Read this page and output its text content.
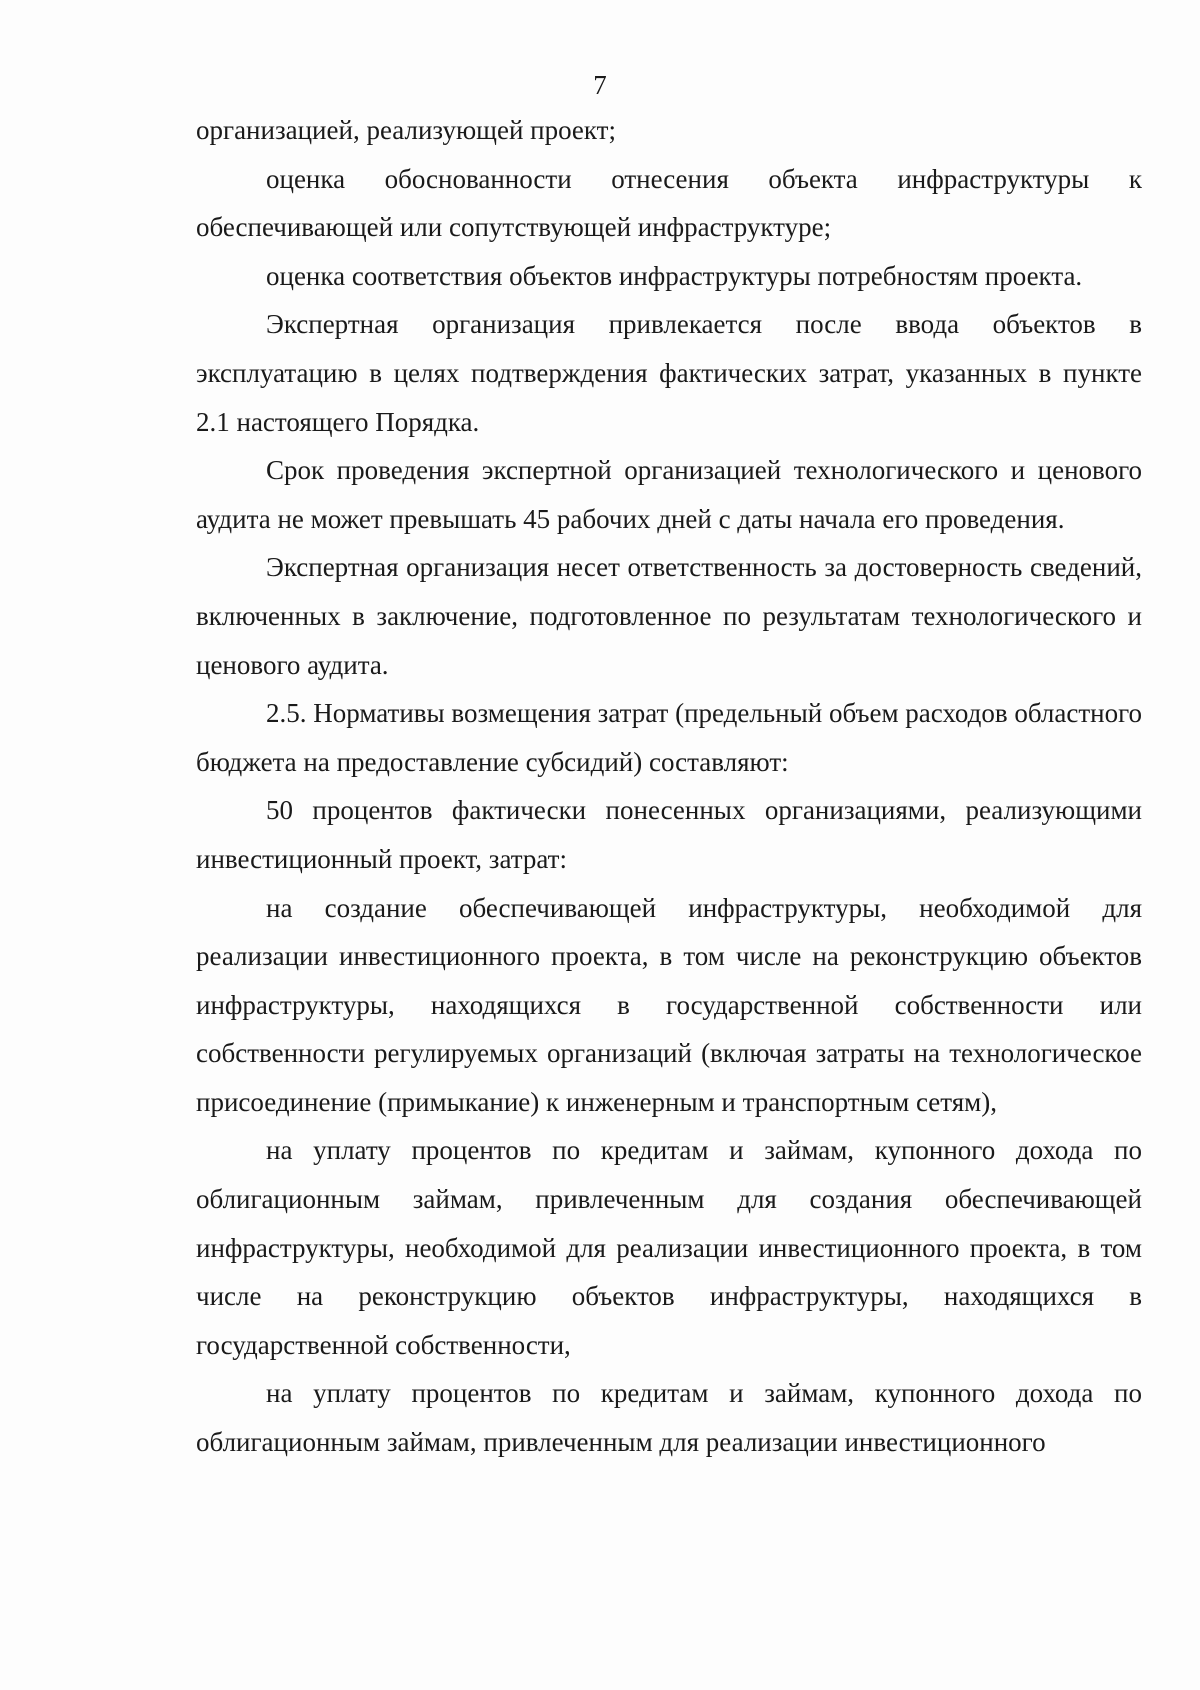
7

организацией, реализующей проект;

оценка обоснованности отнесения объекта инфраструктуры к обеспечивающей или сопутствующей инфраструктуре;

оценка соответствия объектов инфраструктуры потребностям проекта.

Экспертная организация привлекается после ввода объектов в эксплуатацию в целях подтверждения фактических затрат, указанных в пункте 2.1 настоящего Порядка.

Срок проведения экспертной организацией технологического и ценового аудита не может превышать 45 рабочих дней с даты начала его проведения.

Экспертная организация несет ответственность за достоверность сведений, включенных в заключение, подготовленное по результатам технологического и ценового аудита.

2.5. Нормативы возмещения затрат (предельный объем расходов областного бюджета на предоставление субсидий) составляют:

50 процентов фактически понесенных организациями, реализующими инвестиционный проект, затрат:

на создание обеспечивающей инфраструктуры, необходимой для реализации инвестиционного проекта, в том числе на реконструкцию объектов инфраструктуры, находящихся в государственной собственности или собственности регулируемых организаций (включая затраты на технологическое присоединение (примыкание) к инженерным и транспортным сетям),

на уплату процентов по кредитам и займам, купонного дохода по облигационным займам, привлеченным для создания обеспечивающей инфраструктуры, необходимой для реализации инвестиционного проекта, в том числе на реконструкцию объектов инфраструктуры, находящихся в государственной собственности,

на уплату процентов по кредитам и займам, купонного дохода по облигационным займам, привлеченным для реализации инвестиционного
